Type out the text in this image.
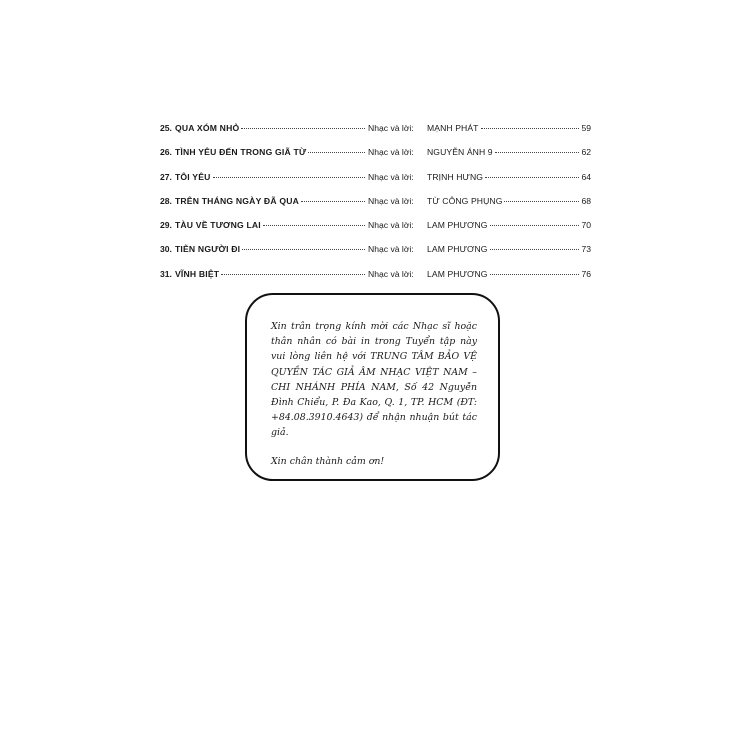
25. QUA XÓM NHỎ	Nhạc và lời: MẠNH PHÁT	59
26. TÌNH YÊU ĐẾN TRONG GIÃ TỪ	Nhạc và lời: NGUYỄN ÁNH 9	62
27. TÔI YÊU	Nhạc và lời: TRỊNH HƯNG	64
28. TRÊN THÁNG NGÀY ĐÃ QUA	Nhạc và lời: TỪ CÔNG PHỤNG	68
29. TÀU VỀ TƯƠNG LAI	Nhạc và lời: LAM PHƯƠNG	70
30. TIỄN NGƯỜI ĐI	Nhạc và lời: LAM PHƯƠNG	73
31. VĨNH BIỆT	Nhạc và lời: LAM PHƯƠNG	76

Xin trân trọng kính mời các Nhạc sĩ hoặc thân nhân có bài in trong Tuyển tập này vui lòng liên hệ với TRUNG TÂM BẢO VỆ QUYỀN TÁC GIẢ ÂM NHẠC VIỆT NAM – CHI NHÁNH PHÍA NAM, Số 42 Nguyễn Đình Chiểu, P. Đa Kao, Q. 1, TP. HCM (ĐT: +84.08.3910.4643) để nhận nhuận bút tác giả.

Xin chân thành cảm ơn!
